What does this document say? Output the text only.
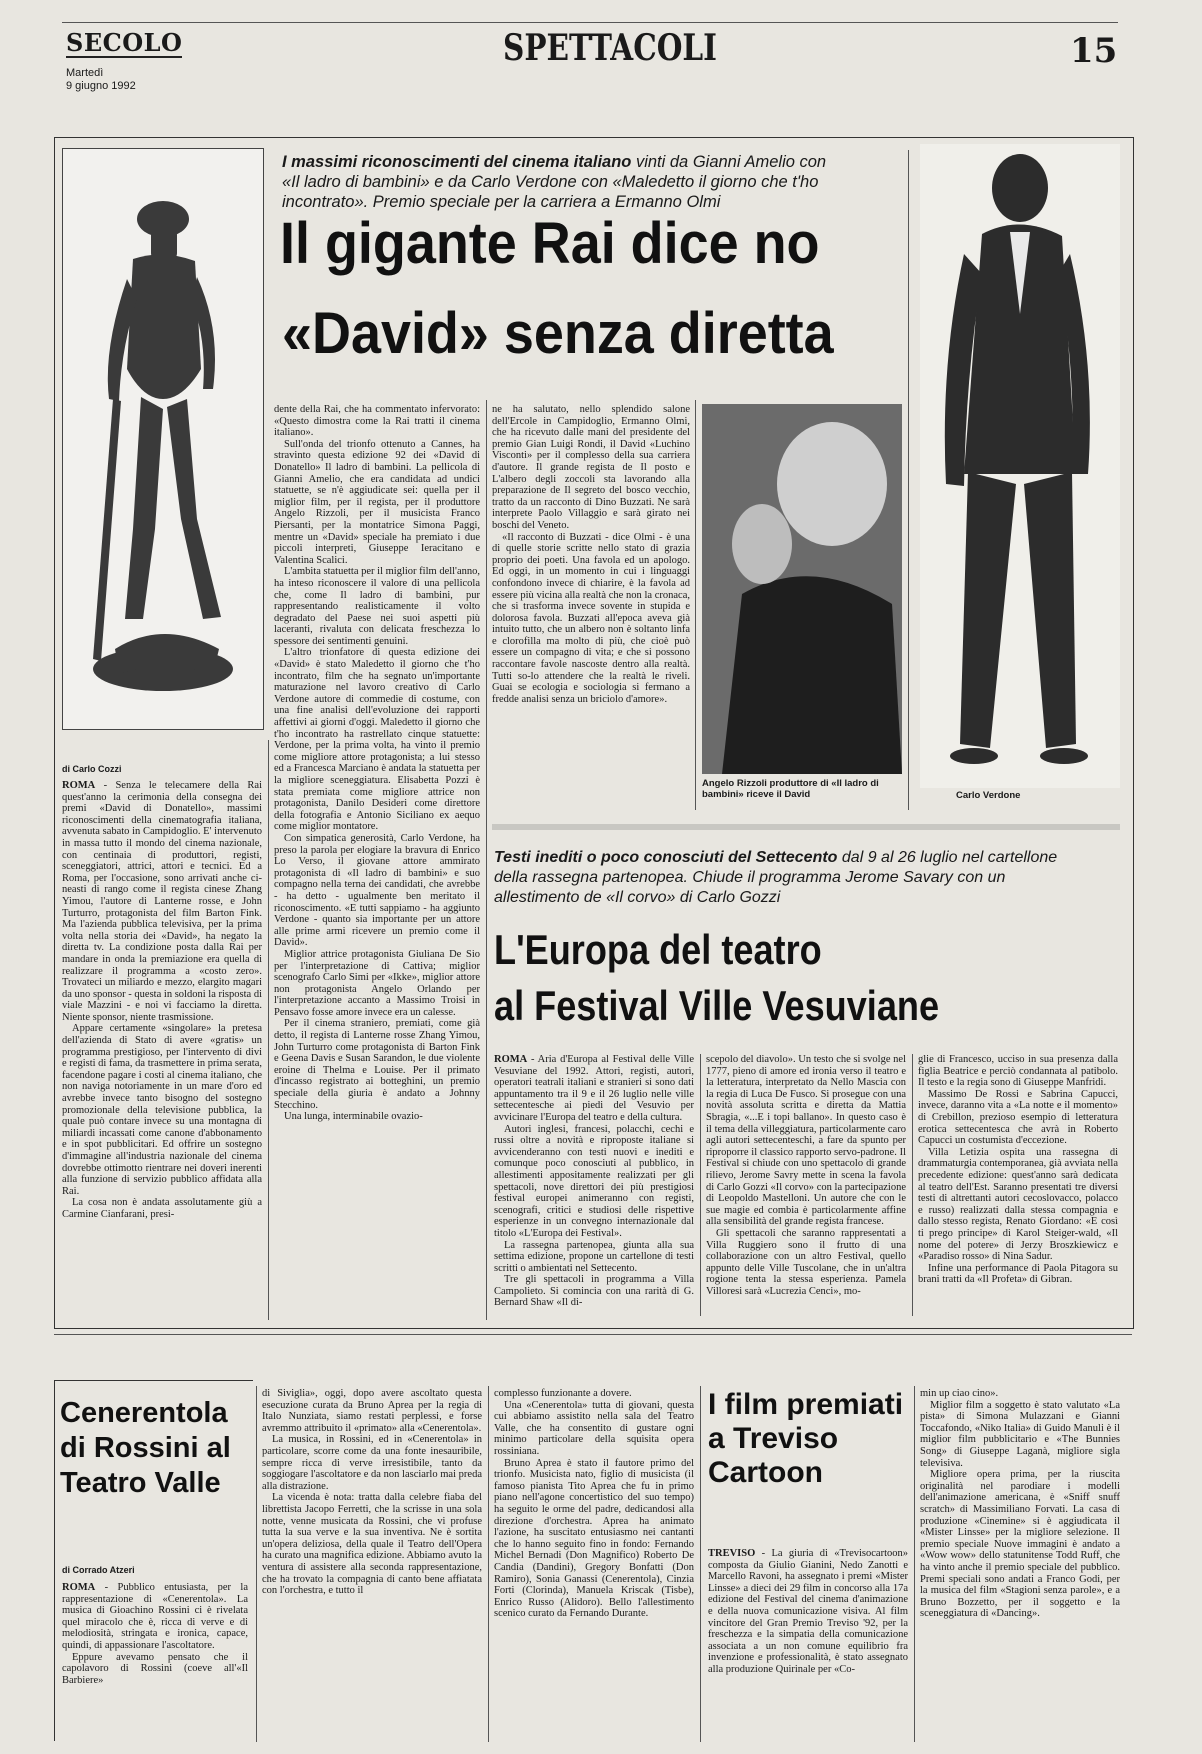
SECOLO
Martedì
9 giugno 1992
SPETTACOLI	15
I massimi riconoscimenti del cinema italiano vinti da Gianni Amelio con «Il ladro di bambini» e da Carlo Verdone con «Maledetto il giorno che t'ho incontrato». Premio speciale per la carriera a Ermanno Olmi
Il gigante Rai dice no
«David» senza diretta
Carlo Verdone
di Carlo Cozzi

ROMA - Senza le telecamere della Rai quest'anno la cerimonia della consegna dei premi «David di Donatello», massimi riconoscimenti della cinematografia italiana, avvenuta sabato in Campidoglio. E' intervenuto in massa tutto il mondo del cinema nazionale, con centinaia di produttori, registi, sceneggiatori, attrici, attori e tecnici. Ed a Roma, per l'occasione, sono arrivati anche ci-neasti di rango come il regista cinese Zhang Yimou, l'autore di Lanterne rosse, e John Turturro, protagonista del film Barton Fink. Ma l'azienda pubblica televisiva, per la prima volta nella storia dei «David», ha negato la diretta tv. La condizione posta dalla Rai per mandare in onda la premiazione era quella di realizzare il programma a «costo zero». Trovateci un miliardo e mezzo, elargito magari da uno sponsor - questa in soldoni la risposta di viale Mazzini - e noi vi facciamo la diretta. Niente sponsor, niente trasmissione.

Appare certamente «singolare» la pretesa dell'azienda di Stato di avere «gratis» un programma prestigioso, per l'intervento di divi e registi di fama, da trasmettere in prima serata, facendone pagare i costi al cinema italiano, che non naviga notoriamente in un mare d'oro ed avrebbe invece tanto bisogno del sostegno promozionale della televisione pubblica, la quale può contare invece su una montagna di miliardi incassati come canone d'abbonamento e in spot pubblicitari. Ed offrire un sostegno d'immagine all'industria nazionale del cinema dovrebbe ottimotto rientrare nei doveri inerenti alla funzione di servizio pubblico affidata alla Rai.

La cosa non è andata assolutamente giù a Carmine Cianfarani, presi-

dente della Rai, che ha commentato infervorato: «Questo dimostra come la Rai tratti il cinema italiano».

Sull'onda del trionfo ottenuto a Cannes, ha stravinto questa edizione 92 dei «David di Donatello» Il ladro di bambini. La pellicola di Gianni Amelio, che era candidata ad undici statuette, se n'è aggiudicate sei: quella per il miglior film, per il regista, per il produttore Angelo Rizzoli, per il musicista Franco Piersanti, per la montatrice Simona Paggi, mentre un «David» speciale ha premiato i due piccoli interpreti, Giuseppe Ieracitano e Valentina Scalici.

L'ambita statuetta per il miglior film dell'anno, ha inteso riconoscere il valore di una pellicola che, come Il ladro di bambini, pur rappresentando realisticamente il volto degradato del Paese nei suoi aspetti più laceranti, rivaluta con delicata freschezza lo spessore dei sentimenti genuini.

L'altro trionfatore di questa edizione dei «David» è stato Maledetto il giorno che t'ho incontrato, film che ha segnato un'importante maturazione nel lavoro creativo di Carlo Verdone autore di commedie di costume, con una fine analisi dell'evoluzione dei rapporti affettivi ai giorni d'oggi. Maledetto il giorno che t'ho incontrato ha rastrellato cinque statuette: Verdone, per la prima volta, ha vinto il premio come migliore attore protagonista; a lui stesso ed a Francesca Marciano è andata la statuetta per la migliore sceneggiatura. Elisabetta Pozzi è stata premiata come migliore attrice non protagonista, Danilo Desideri come direttore della fotografia e Antonio Siciliano ex aequo come miglior montatore.

Con simpatica generosità, Carlo Verdone, ha preso la parola per elogiare la bravura di Enrico Lo Verso, il giovane attore ammirato protagonista di «Il ladro di bambini» e suo compagno nella terna dei candidati, che avrebbe - ha detto - ugualmente ben meritato il riconoscimento. «E tutti sappiamo - ha aggiunto Verdone - quanto sia importante per un attore alle prime armi ricevere un premio come il David».

Miglior attrice protagonista Giuliana De Sio per l'interpretazione di Cattiva; miglior scenografo Carlo Simi per «Ikke», miglior attore non protagonista Angelo Orlando per l'interpretazione accanto a Massimo Troisi in Pensavo fosse amore invece era un calesse.

Per il cinema straniero, premiati, come già detto, il regista di Lanterne rosse Zhang Yimou, John Turturro come protagonista di Barton Fink e Geena Davis e Susan Sarandon, le due violente eroine di Thelma e Louise. Per il primato d'incasso registrato ai botteghini, un premio speciale della giuria è andato a Johnny Stecchino.

Una lunga, interminabile ovazio-

ne ha salutato, nello splendido salone dell'Ercole in Campidoglio, Ermanno Olmi, che ha ricevuto dalle mani del presidente del premio Gian Luigi Rondi, il David «Luchino Visconti» per il complesso della sua carriera d'autore. Il grande regista de Il posto e L'albero degli zoccoli sta lavorando alla preparazione de Il segreto del bosco vecchio, tratto da un racconto di Dino Buzzati. Ne sarà interprete Paolo Villaggio e sarà girato nei boschi del Veneto.

«Il racconto di Buzzati - dice Olmi - è una di quelle storie scritte nello stato di grazia proprio dei poeti. Una favola ed un apologo. Ed oggi, in un momento in cui i linguaggi confondono invece di chiarire, è la favola ad essere più vicina alla realtà che non la cronaca, che si trasforma invece sovente in stupida e dolorosa favola. Buzzati all'epoca aveva già intuito tutto, che un albero non è soltanto linfa e clorofilla ma molto di più, che cioè può essere un compagno di vita; e che si possono raccontare favole nascoste dentro alla realtà. Tutti so-lo attendere che la realtà le riveli. Guai se ecologia e sociologia si fermano a fredde analisi senza un briciolo d'amore».

Angelo Rizzoli produttore di «Il ladro di bambini» riceve il David
Testi inediti o poco conosciuti del Settecento dal 9 al 26 luglio nel cartellone della rassegna partenopea. Chiude il programma Jerome Savary con un allestimento de «Il corvo» di Carlo Gozzi
L'Europa del teatro
al Festival Ville Vesuviane

ROMA - Aria d'Europa al Festival delle Ville Vesuviane del 1992. Attori, registi, autori, operatori teatrali italiani e stranieri si sono dati appuntamento tra il 9 e il 26 luglio nelle ville settecentesche ai piedi del Vesuvio per avvicinare l'Europa del teatro e della cultura.

Autori inglesi, francesi, polacchi, cechi e russi oltre a novità e riproposte italiane si avvicenderanno con testi nuovi e inediti e comunque poco conosciuti al pubblico, in allestimenti appositamente realizzati per gli spettacoli, nove direttori dei più prestigiosi festival europei animeranno con registi, scenografi, critici e studiosi delle rispettive esperienze in un convegno internazionale dal titolo «L'Europa dei Festival».

La rassegna partenopea, giunta alla sua settima edizione, propone un cartellone di testi scritti o ambientati nel Settecento.

Tre gli spettacoli in programma a Villa Campolieto. Si comincia con una rarità di G. Bernard Shaw «Il di-

scepolo del diavolo». Un testo che si svolge nel 1777, pieno di amore ed ironia verso il teatro e la letteratura, interpretato da Nello Mascia con la regia di Luca De Fusco. Si prosegue con una novità assoluta scritta e diretta da Mattia Sbragia, «...E i topi ballano». In questo caso è il tema della villeggiatura, particolarmente caro agli autori settecenteschi, a fare da spunto per riproporre il classico rapporto servo-padrone. Il Festival si chiude con uno spettacolo di grande rilievo, Jerome Savry mette in scena la favola di Carlo Gozzi «Il corvo» con la partecipazione di Leopoldo Mastelloni. Un autore che con le sue magie ed combia è particolarmente affine alla sensibilità del grande regista francese.

Gli spettacoli che saranno rappresentati a Villa Ruggiero sono il frutto di una collaborazione con un altro Festival, quello appunto delle Ville Tuscolane, che in un'altra rogione tenta la stessa esperienza. Pamela Villoresi sarà «Lucrezia Cenci», mo-

glie di Francesco, ucciso in sua presenza dalla figlia Beatrice e perciò condannata al patibolo. Il testo e la regia sono di Giuseppe Manfridi.

Massimo De Rossi e Sabrina Capucci, invece, daranno vita a «La notte e il momento» di Crebillon, prezioso esempio di letteratura erotica settecentesca che avrà in Roberto Capucci un costumista d'eccezione.

Villa Letizia ospita una rassegna di drammaturgia contemporanea, già avviata nella precedente edizione: quest'anno sarà dedicata al teatro dell'Est. Saranno presentati tre diversi testi di altrettanti autori cecoslovacco, polacco e russo) realizzati dalla stessa compagnia e dallo stesso regista, Renato Giordano: «E così ti prego principe» di Karol Steiger-wald, «Il nome del potere» di Jerzy Broszkiewicz e «Paradiso rosso» di Nina Sadur.

Infine una performance di Paola Pitagora su brani tratti da «Il Profeta» di Gibran.

Cenerentola di Rossini al Teatro Valle
di Corrado Atzeri

ROMA - Pubblico entusiasta, per la rappresentazione di «Cenerentola». La musica di Gioachino Rossini ci è rivelata quel miracolo che è, ricca di verve e di melodiosità, stringata e ironica, capace, quindi, di appassionare l'ascoltatore.

Eppure avevamo pensato che il capolavoro di Rossini (coeve all'«Il Barbiere»

di Siviglia», oggi, dopo avere ascoltato questa esecuzione curata da Bruno Aprea per la regia di Italo Nunziata, siamo restati perplessi, e forse avremmo attribuito il «primato» alla «Cenerentola».

La musica, in Rossini, ed in «Cenerentola» in particolare, scorre come da una fonte inesauribile, sempre ricca di verve irresistibile, tanto da soggiogare l'ascoltatore e da non lasciarlo mai preda alla distrazione.

La vicenda è nota: tratta dalla celebre fiaba del librettista Jacopo Ferretti, che la scrisse in una sola notte, venne musicata da Rossini, che vi profuse tutta la sua verve e la sua inventiva. Ne è sortita un'opera deliziosa, della quale il Teatro dell'Opera ha curato una magnifica edizione. Abbiamo avuto la ventura di assistere alla seconda rappresentazione, che ha trovato la compagnia di canto bene affiatata con l'orchestra, e tutto il

complesso funzionante a dovere.

Una «Cenerentola» tutta di giovani, questa cui abbiamo assistito nella sala del Teatro Valle, che ha consentito di gustare ogni minimo particolare della squisita opera rossiniana.

Bruno Aprea è stato il fautore primo del trionfo. Musicista nato, figlio di musicista (il famoso pianista Tito Aprea che fu in primo piano nell'agone concertistico del suo tempo) ha seguito le orme del padre, dedicandosi alla direzione d'orchestra. Aprea ha animato l'azione, ha suscitato entusiasmo nei cantanti che lo hanno seguito fino in fondo: Fernando Michel Bernadi (Don Magnifico) Roberto De Candia (Dandini), Gregory Bonfatti (Don Ramiro), Sonia Ganassi (Cenerentola), Cinzia Forti (Clorinda), Manuela Kriscak (Tisbe), Enrico Russo (Alidoro). Bello l'allestimento scenico curato da Fernando Durante.

I film premiati a Treviso Cartoon

TREVISO - La giuria di «Trevisocartoon» composta da Giulio Gianini, Nedo Zanotti e Marcello Ravoni, ha assegnato i premi «Mister Linsse» a dieci dei 29 film in concorso alla 17a edizione del Festival del cinema d'animazione e della nuova comunicazione visiva. Al film vincitore del Gran Premio Treviso '92, per la freschezza e la simpatia della comunicazione associata a un non comune equilibrio fra invenzione e professionalità, è stato assegnato alla produzione Quirinale per «Co-

min up ciao cino».

Miglior film a soggetto è stato valutato «La pista» di Simona Mulazzani e Gianni Toccafondo, «Niko Italia» di Guido Manuli è il miglior film pubblicitario e «The Bunnies Song» di Giuseppe Laganà, migliore sigla televisiva.

Migliore opera prima, per la riuscita originalità nel parodiare i modelli dell'animazione americana, è «Sniff snuff scratch» di Massimiliano Forvati. La casa di produzione «Cinemine» si è aggiudicata il «Mister Linsse» per la migliore selezione. Il premio speciale Nuove immagini è andato a «Wow wow» dello statunitense Todd Ruff, che ha vinto anche il premio speciale del pubblico. Premi speciali sono andati a Franco Godi, per la musica del film «Stagioni senza parole», e a Bruno Bozzetto, per il soggetto e la sceneggiatura di «Dancing».
